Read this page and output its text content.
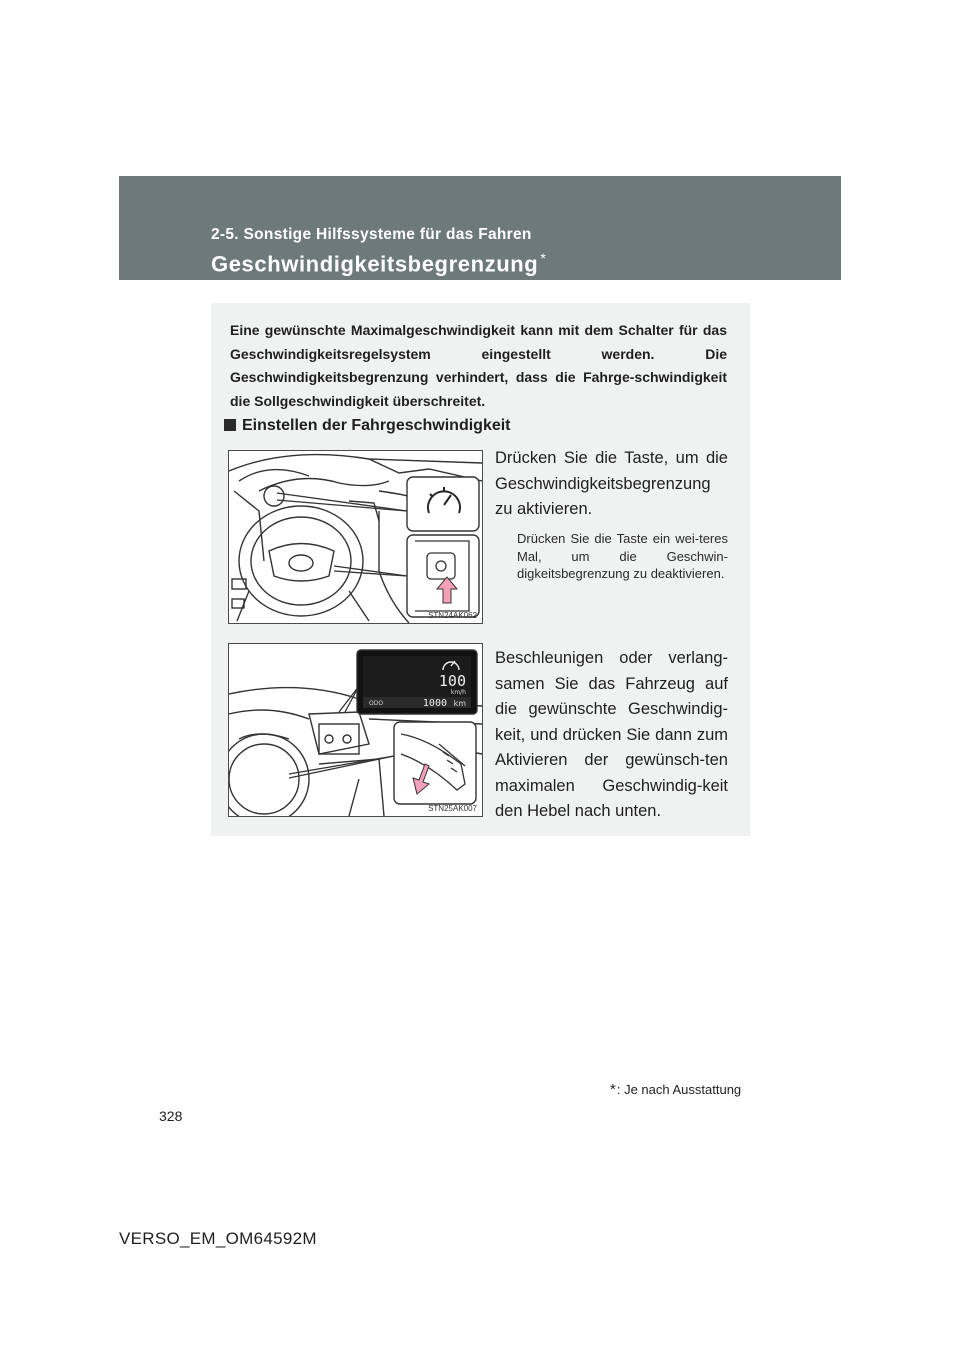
2-5. Sonstige Hilfssysteme für das Fahren
Geschwindigkeitsbegrenzung *
Eine gewünschte Maximalgeschwindigkeit kann mit dem Schalter für das Geschwindigkeitsregelsystem eingestellt werden. Die Geschwindigkeitsbegrenzung verhindert, dass die Fahrge-schwindigkeit die Sollgeschwindigkeit überschreitet.
Einstellen der Fahrgeschwindigkeit
STN24AK062
Drücken Sie die Taste, um die Geschwindigkeitsbegrenzung zu aktivieren.
Drücken Sie die Taste ein wei-teres Mal, um die Geschwin-digkeitsbegrenzung zu deaktivieren.
100
km/h
ODO	1000 km
STN25AK007
Beschleunigen oder verlang-samen Sie das Fahrzeug auf die gewünschte Geschwindig-keit, und drücken Sie dann zum Aktivieren der gewünsch-ten maximalen Geschwindig-keit den Hebel nach unten.
*: Je nach Ausstattung
328
VERSO_EM_OM64592M
